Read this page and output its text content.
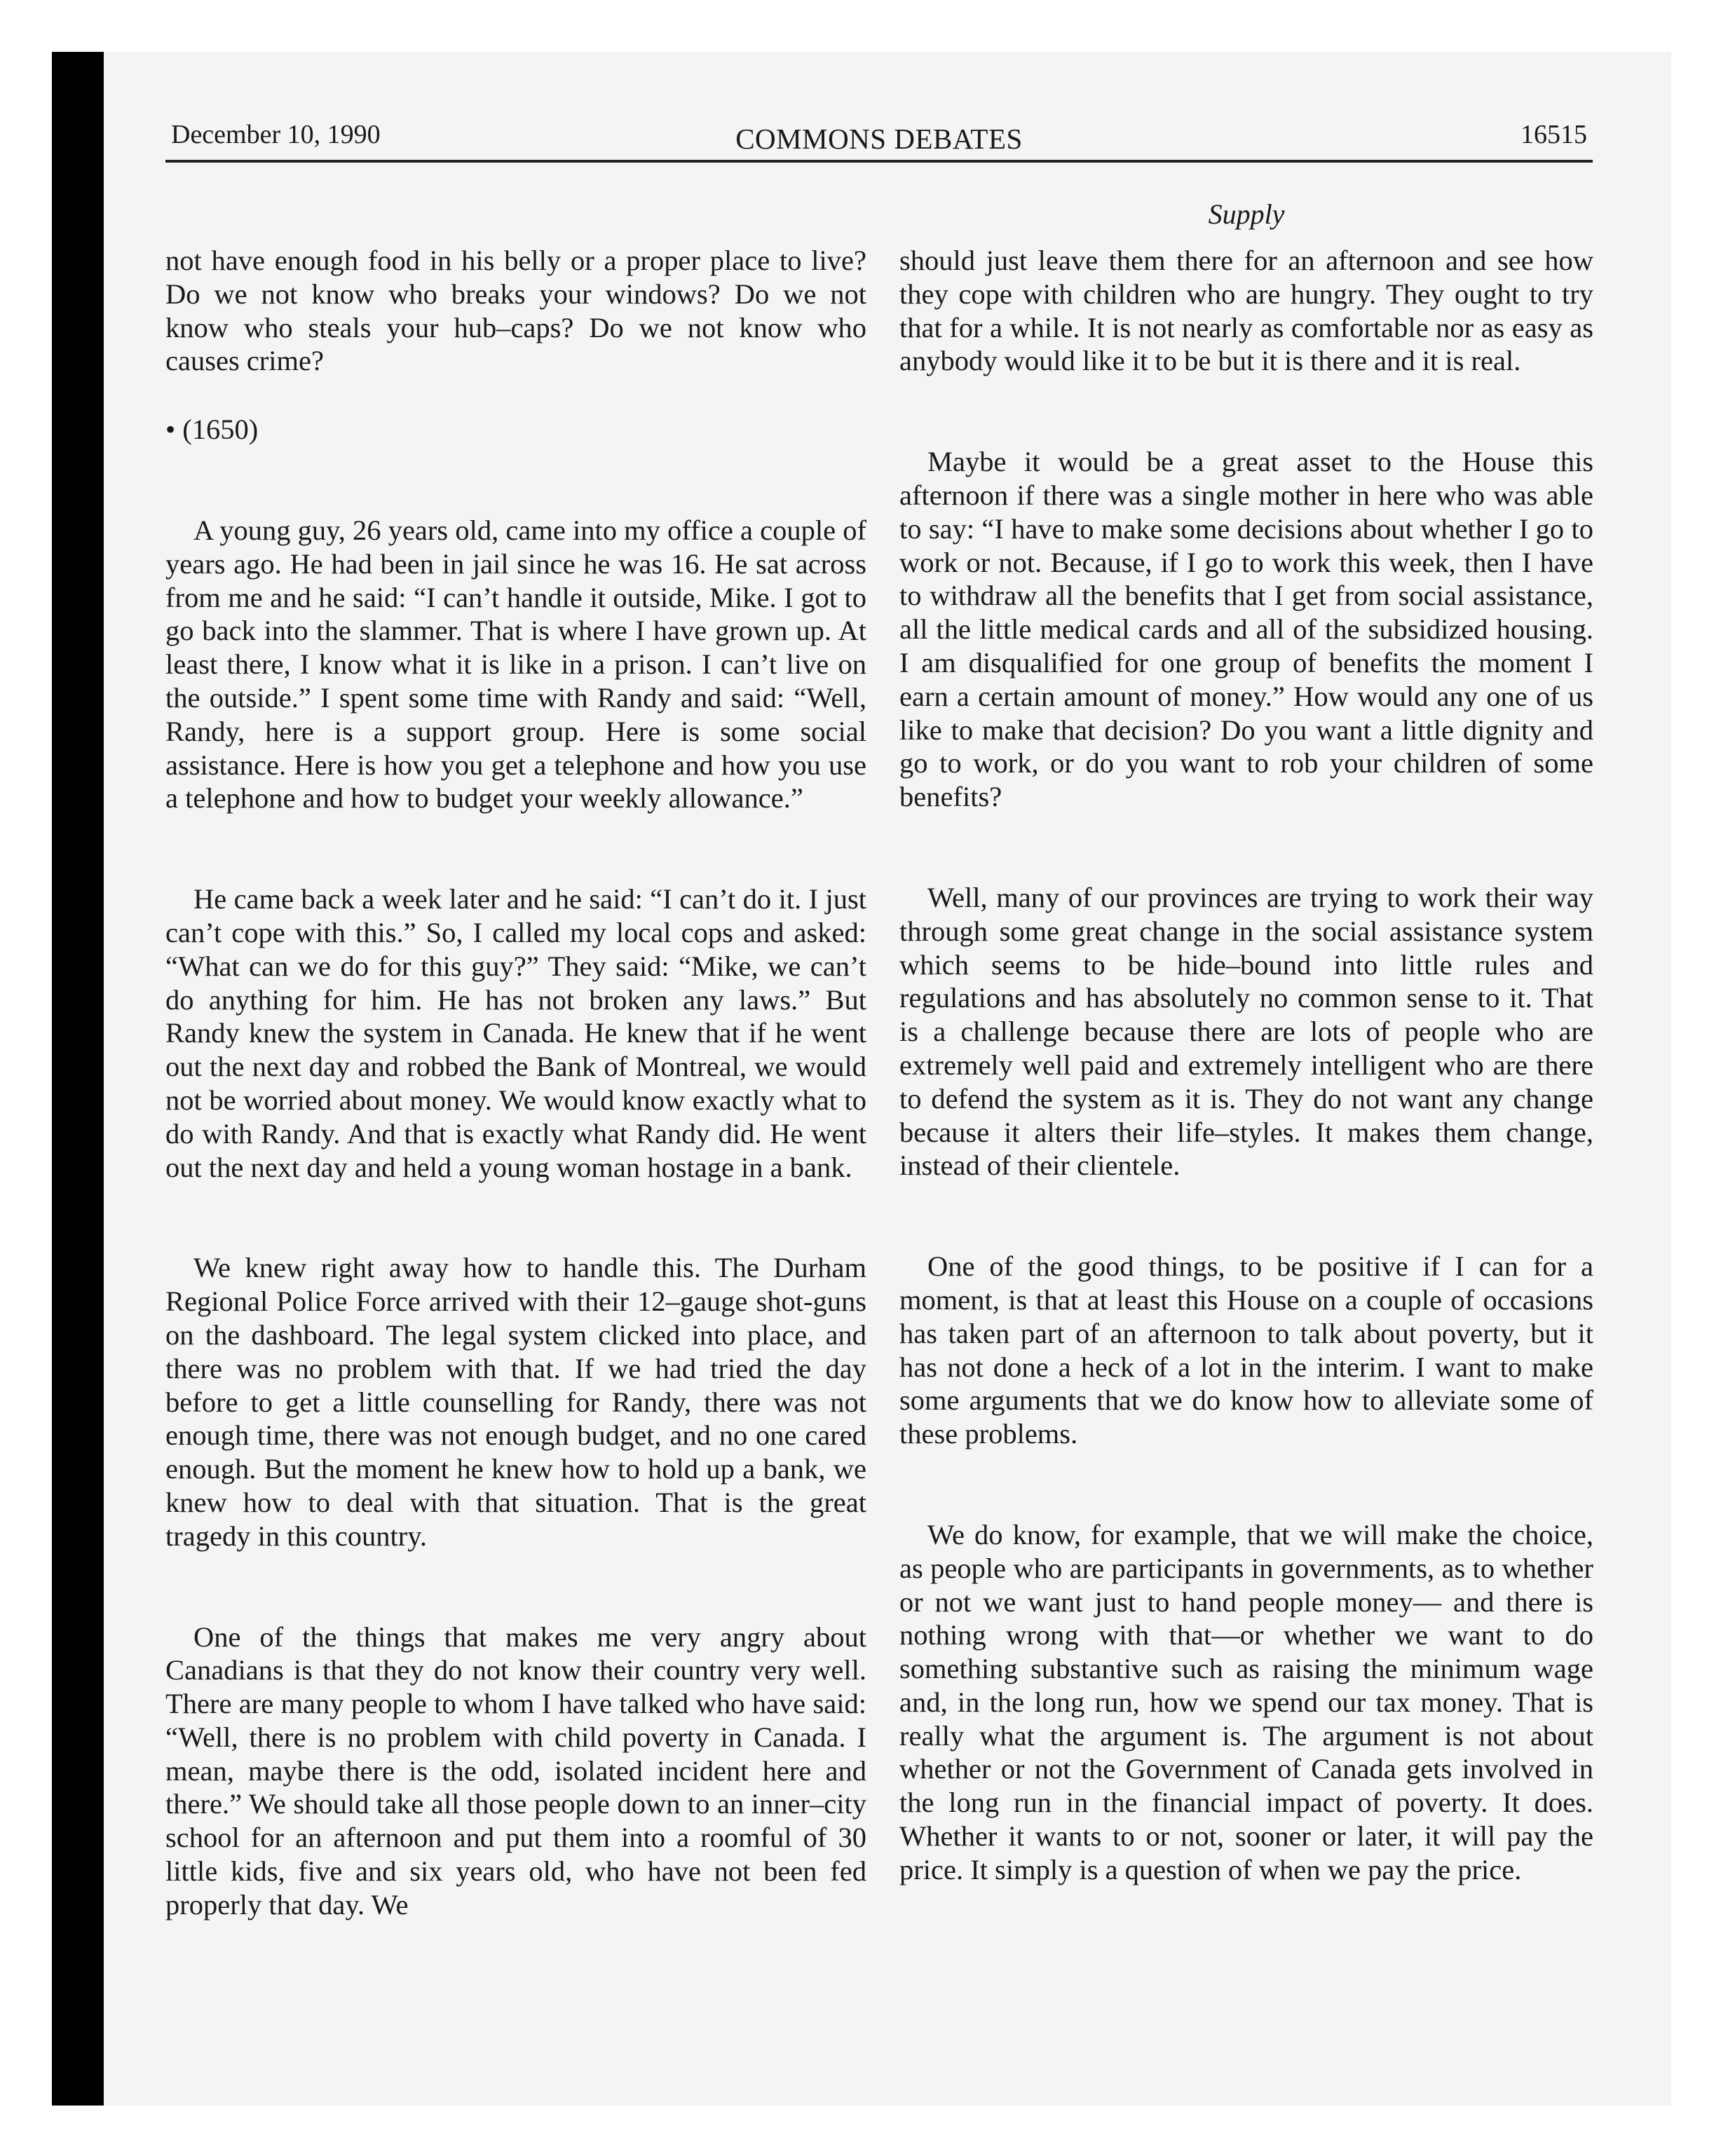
December 10, 1990	COMMONS DEBATES	16515
Supply

not have enough food in his belly or a proper place to live? Do we not know who breaks your windows? Do we not know who steals your hub–caps? Do we not know who causes crime?

• (1650)

A young guy, 26 years old, came into my office a couple of years ago. He had been in jail since he was 16. He sat across from me and he said: “I can’t handle it outside, Mike. I got to go back into the slammer. That is where I have grown up. At least there, I know what it is like in a prison. I can’t live on the outside.” I spent some time with Randy and said: “Well, Randy, here is a support group. Here is some social assistance. Here is how you get a telephone and how you use a telephone and how to budget your weekly allowance.”

He came back a week later and he said: “I can’t do it. I just can’t cope with this.” So, I called my local cops and asked: “What can we do for this guy?” They said: “Mike, we can’t do anything for him. He has not broken any laws.” But Randy knew the system in Canada. He knew that if he went out the next day and robbed the Bank of Montreal, we would not be worried about money. We would know exactly what to do with Randy. And that is exactly what Randy did. He went out the next day and held a young woman hostage in a bank.

We knew right away how to handle this. The Durham Regional Police Force arrived with their 12–gauge shot-guns on the dashboard. The legal system clicked into place, and there was no problem with that. If we had tried the day before to get a little counselling for Randy, there was not enough time, there was not enough budget, and no one cared enough. But the moment he knew how to hold up a bank, we knew how to deal with that situation. That is the great tragedy in this country.

One of the things that makes me very angry about Canadians is that they do not know their country very well. There are many people to whom I have talked who have said: “Well, there is no problem with child poverty in Canada. I mean, maybe there is the odd, isolated incident here and there.” We should take all those people down to an inner–city school for an afternoon and put them into a roomful of 30 little kids, five and six years old, who have not been fed properly that day. We

should just leave them there for an afternoon and see how they cope with children who are hungry. They ought to try that for a while. It is not nearly as comfortable nor as easy as anybody would like it to be but it is there and it is real.

Maybe it would be a great asset to the House this afternoon if there was a single mother in here who was able to say: “I have to make some decisions about whether I go to work or not. Because, if I go to work this week, then I have to withdraw all the benefits that I get from social assistance, all the little medical cards and all of the subsidized housing. I am disqualified for one group of benefits the moment I earn a certain amount of money.” How would any one of us like to make that decision? Do you want a little dignity and go to work, or do you want to rob your children of some benefits?

Well, many of our provinces are trying to work their way through some great change in the social assistance system which seems to be hide–bound into little rules and regulations and has absolutely no common sense to it. That is a challenge because there are lots of people who are extremely well paid and extremely intelligent who are there to defend the system as it is. They do not want any change because it alters their life–styles. It makes them change, instead of their clientele.

One of the good things, to be positive if I can for a moment, is that at least this House on a couple of occasions has taken part of an afternoon to talk about poverty, but it has not done a heck of a lot in the interim. I want to make some arguments that we do know how to alleviate some of these problems.

We do know, for example, that we will make the choice, as people who are participants in governments, as to whether or not we want just to hand people money— and there is nothing wrong with that—or whether we want to do something substantive such as raising the minimum wage and, in the long run, how we spend our tax money. That is really what the argument is. The argument is not about whether or not the Government of Canada gets involved in the long run in the financial impact of poverty. It does. Whether it wants to or not, sooner or later, it will pay the price. It simply is a question of when we pay the price.
